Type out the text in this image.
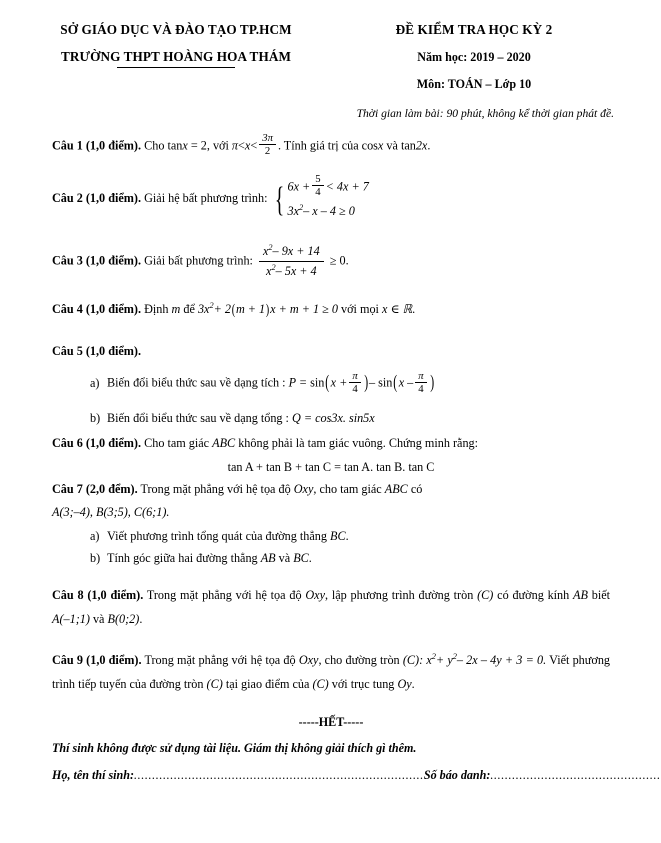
SỞ GIÁO DỤC VÀ ĐÀO TẠO TP.HCM
TRƯỜNG THPT HOÀNG HOA THÁM
ĐỀ KIỂM TRA HỌC KỲ 2
Năm học: 2019 – 2020
Môn: TOÁN – Lớp 10
Thời gian làm bài: 90 phút, không kể thời gian phát đề.
Câu 1 (1,0 điểm). Cho tanx = 2, với $\pi<x< \frac{3\pi}{2}$ . Tính giá trị của cosx và tan2x.
Câu 2 (1,0 điểm). Giải hệ bất phương trình: { $6x + \frac{5}{4} < 4x + 7$
$3x^2-$ x – 4 ≥ 0
Câu 3 (1,0 điểm). Giải bất phương trình: $\frac{x^2- 9x + 14}{x^2- 5x + 4} \ge 0$.
Câu 4 (1,0 điểm). Định m để $3x^2+ 2(m + 1)x + m + 1 \ge 0$ với mọi x ∈ ℝ.
Câu 5 (1,0 điểm).
a) Biến đổi biểu thức sau về dạng tích : $P = \sin(x + \frac{\pi}{4}$ )– $\sin(x - \frac{\pi}{4}$ )
b) Biến đổi biểu thức sau về dạng tổng : Q = cos3x. sin5x
Câu 6 (1,0 điểm). Cho tam giác ABC không phải là tam giác vuông. Chứng minh rằng:
tan A + tan B + tan C = tan A. tan B. tan C
Câu 7 (2,0 đểm). Trong mặt phẳng với hệ tọa độ Oxy, cho tam giác ABC có
A(3;–4), B(3;5), C(6;1).
a) Viết phương trình tổng quát của đường thẳng BC.
b) Tính góc giữa hai đường thẳng AB và BC.
Câu 8 (1,0 điểm). Trong mặt phẳng với hệ tọa độ Oxy, lập phương trình đường tròn (C) có đường kính AB biết A(–1;1) và B(0;2).
Câu 9 (1,0 điểm). Trong mặt phẳng với hệ tọa độ Oxy, cho đường tròn (C): $x^2+ y^2-$ 2x – 4y + 3 = 0. Viết phương trình tiếp tuyến của đường tròn (C) tại giao điểm của (C) với trục tung Oy.
-----HẾT-----
Thí sinh không được sử dụng tài liệu. Giám thị không giải thích gì thêm.
Họ, tên thí sinh:................................................................................Số báo danh:...............................................
